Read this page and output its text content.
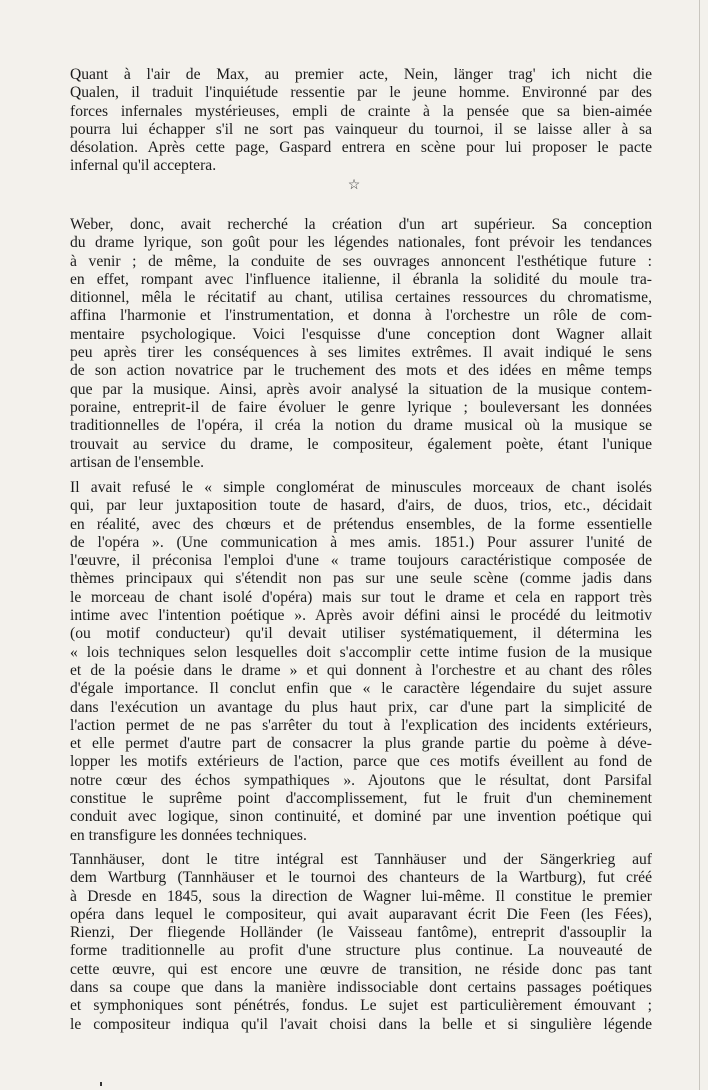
Quant à l'air de Max, au premier acte, Nein, länger trag' ich nicht die
Qualen, il traduit l'inquiétude ressentie par le jeune homme. Environné par des
forces infernales mystérieuses, empli de crainte à la pensée que sa bien-aimée
pourra lui échapper s'il ne sort pas vainqueur du tournoi, il se laisse aller à sa
désolation. Après cette page, Gaspard entrera en scène pour lui proposer le pacte
infernal qu'il acceptera.
☆
Weber, donc, avait recherché la création d'un art supérieur. Sa conception
du drame lyrique, son goût pour les légendes nationales, font prévoir les tendances
à venir ; de même, la conduite de ses ouvrages annoncent l'esthétique future :
en effet, rompant avec l'influence italienne, il ébranla la solidité du moule tra-
ditionnel, mêla le récitatif au chant, utilisa certaines ressources du chromatisme,
affina l'harmonie et l'instrumentation, et donna à l'orchestre un rôle de com-
mentaire psychologique. Voici l'esquisse d'une conception dont Wagner allait
peu après tirer les conséquences à ses limites extrêmes. Il avait indiqué le sens
de son action novatrice par le truchement des mots et des idées en même temps
que par la musique. Ainsi, après avoir analysé la situation de la musique contem-
poraine, entreprit-il de faire évoluer le genre lyrique ; bouleversant les données
traditionnelles de l'opéra, il créa la notion du drame musical où la musique se
trouvait au service du drame, le compositeur, également poète, étant l'unique
artisan de l'ensemble.
Il avait refusé le « simple conglomérat de minuscules morceaux de chant isolés
qui, par leur juxtaposition toute de hasard, d'airs, de duos, trios, etc., décidait
en réalité, avec des chœurs et de prétendus ensembles, de la forme essentielle
de l'opéra ». (Une communication à mes amis. 1851.) Pour assurer l'unité de
l'œuvre, il préconisa l'emploi d'une « trame toujours caractéristique composée de
thèmes principaux qui s'étendit non pas sur une seule scène (comme jadis dans
le morceau de chant isolé d'opéra) mais sur tout le drame et cela en rapport très
intime avec l'intention poétique ». Après avoir défini ainsi le procédé du leitmotiv
(ou motif conducteur) qu'il devait utiliser systématiquement, il détermina les
« lois techniques selon lesquelles doit s'accomplir cette intime fusion de la musique
et de la poésie dans le drame » et qui donnent à l'orchestre et au chant des rôles
d'égale importance. Il conclut enfin que « le caractère légendaire du sujet assure
dans l'exécution un avantage du plus haut prix, car d'une part la simplicité de
l'action permet de ne pas s'arrêter du tout à l'explication des incidents extérieurs,
et elle permet d'autre part de consacrer la plus grande partie du poème à déve-
lopper les motifs extérieurs de l'action, parce que ces motifs éveillent au fond de
notre cœur des échos sympathiques ». Ajoutons que le résultat, dont Parsifal
constitue le suprême point d'accomplissement, fut le fruit d'un cheminement
conduit avec logique, sinon continuité, et dominé par une invention poétique qui
en transfigure les données techniques.
Tannhäuser, dont le titre intégral est Tannhäuser und der Sängerkrieg auf
dem Wartburg (Tannhäuser et le tournoi des chanteurs de la Wartburg), fut créé
à Dresde en 1845, sous la direction de Wagner lui-même. Il constitue le premier
opéra dans lequel le compositeur, qui avait auparavant écrit Die Feen (les Fées),
Rienzi, Der fliegende Holländer (le Vaisseau fantôme), entreprit d'assouplir la
forme traditionnelle au profit d'une structure plus continue. La nouveauté de
cette œuvre, qui est encore une œuvre de transition, ne réside donc pas tant
dans sa coupe que dans la manière indissociable dont certains passages poétiques
et symphoniques sont pénétrés, fondus. Le sujet est particulièrement émouvant ;
le compositeur indiqua qu'il l'avait choisi dans la belle et si singulière légende
